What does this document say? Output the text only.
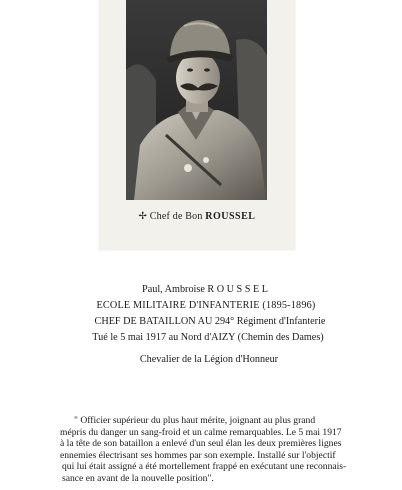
✢ Chef de Bon ROUSSEL
Paul, Ambroise R O U S S E L
ECOLE MILITAIRE D'INFANTERIE (1895-1896)
CHEF DE BATAILLON AU 294° Régiment d'Infanterie
Tué le 5 mai 1917 au Nord d'AIZY (Chemin des Dames)
Chevalier de la Légion d'Honneur
" Officier supérieur du plus haut mérite, joignant au plus grand
mépris du danger un sang-froid et un calme remarquables. Le 5 mai 1917
à la tête de son bataillon a enlevé d'un seul élan les deux premières lignes
ennemies électrisant ses hommes par son exemple. Installé sur l'objectif
qui lui était assigné a été mortellement frappé en exécutant une reconnais-
sance en avant de la nouvelle position".
